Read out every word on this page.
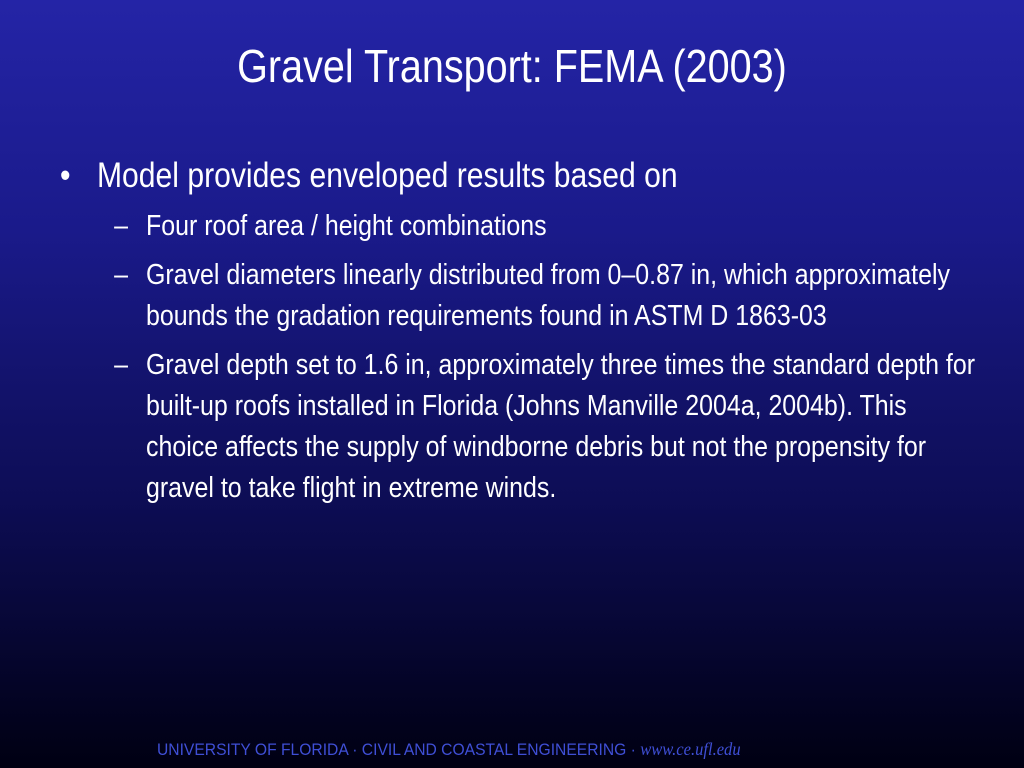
Gravel Transport: FEMA (2003)
• Model provides enveloped results based on
– Four roof area / height combinations
– Gravel diameters linearly distributed from 0–0.87 in, which approximately bounds the gradation requirements found in ASTM D 1863-03
– Gravel depth set to 1.6 in, approximately three times the standard depth for built-up roofs installed in Florida (Johns Manville 2004a, 2004b). This choice affects the supply of windborne debris but not the propensity for gravel to take flight in extreme winds.
UNIVERSITY OF FLORIDA · CIVIL AND COASTAL ENGINEERING · www.ce.ufl.edu
